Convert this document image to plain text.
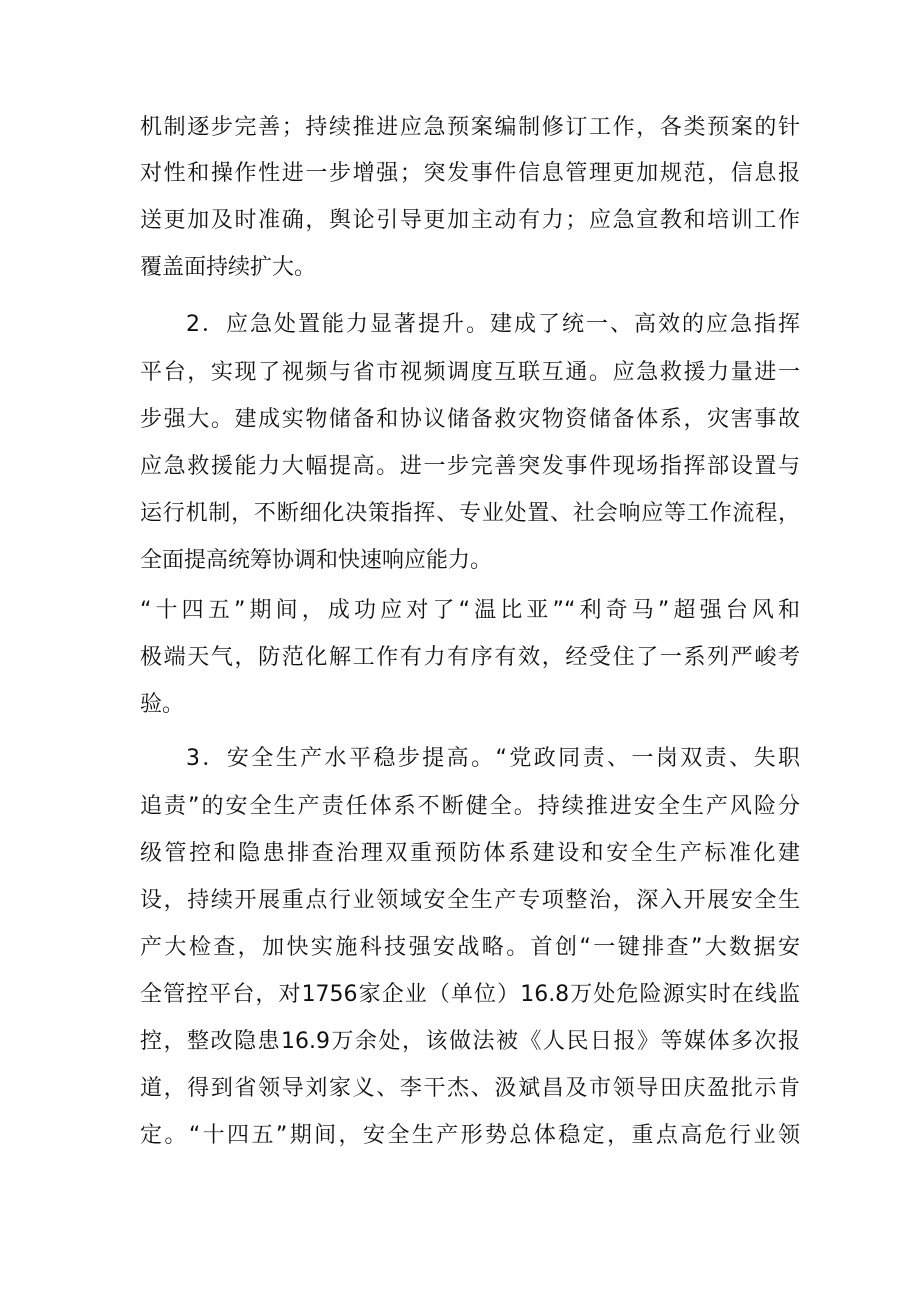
机制逐步完善；持续推进应急预案编制修订工作，各类预案的针
对性和操作性进一步增强；突发事件信息管理更加规范，信息报
送更加及时准确，舆论引导更加主动有力；应急宣教和培训工作
覆盖面持续扩大。
2．应急处置能力显著提升。建成了统一、高效的应急指挥
平台，实现了视频与省市视频调度互联互通。应急救援力量进一
步强大。建成实物储备和协议储备救灾物资储备体系，灾害事故
应急救援能力大幅提高。进一步完善突发事件现场指挥部设置与
运行机制，不断细化决策指挥、专业处置、社会响应等工作流程，
全面提高统筹协调和快速响应能力。
“十四五”期间，成功应对了“温比亚”“利奇马”超强台风和
极端天气，防范化解工作有力有序有效，经受住了一系列严峻考
验。
3．安全生产水平稳步提高。“党政同责、一岗双责、失职
追责”的安全生产责任体系不断健全。持续推进安全生产风险分
级管控和隐患排查治理双重预防体系建设和安全生产标准化建
设，持续开展重点行业领域安全生产专项整治，深入开展安全生
产大检查，加快实施科技强安战略。首创“一键排查”大数据安
全管控平台，对1756家企业（单位）16.8万处危险源实时在线监
控，整改隐患16.9万余处，该做法被《人民日报》等媒体多次报
道，得到省领导刘家义、李干杰、汲斌昌及市领导田庆盈批示肯
定。“十四五”期间，安全生产形势总体稳定，重点高危行业领
